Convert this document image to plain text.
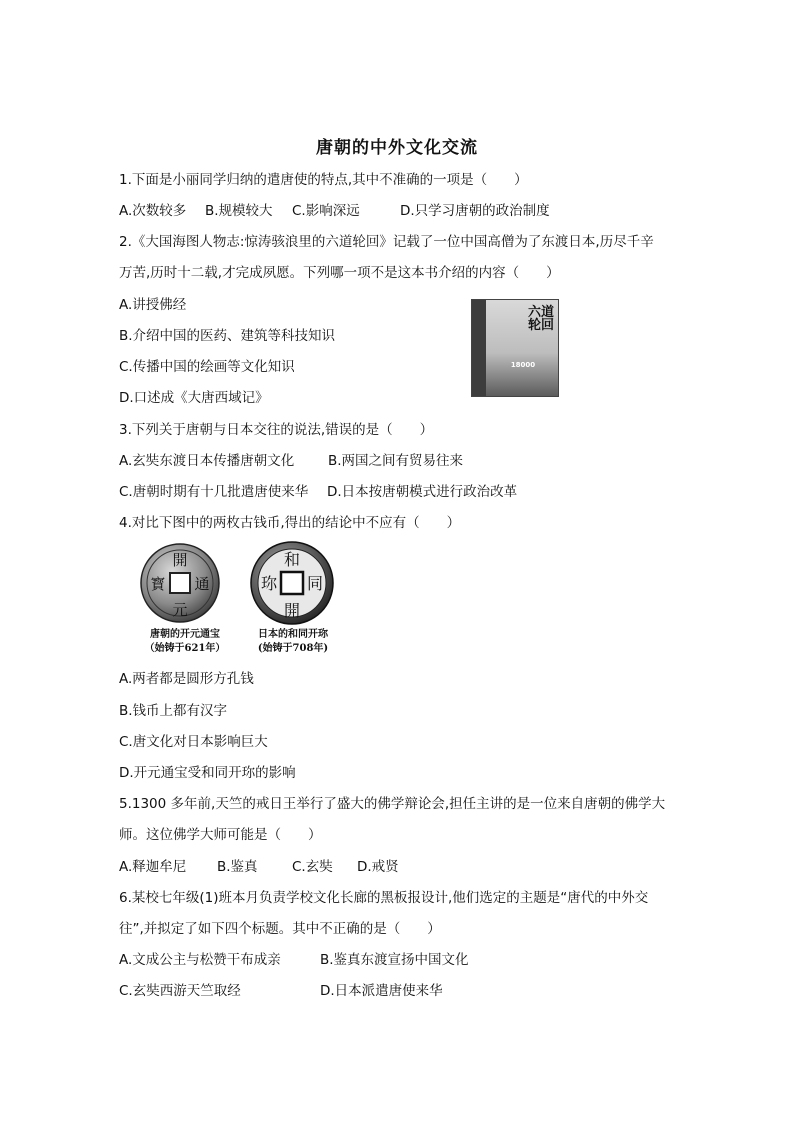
唐朝的中外文化交流
1.下面是小丽同学归纳的遣唐使的特点,其中不准确的一项是（　　）
A.次数较多 B.规模较大 C.影响深远	D.只学习唐朝的政治制度
2.《大国海图人物志:惊涛骇浪里的六道轮回》记载了一位中国高僧为了东渡日本,历尽千辛
万苦,历时十二载,才完成夙愿。下列哪一项不是这本书介绍的内容（　　）
A.讲授佛经
B.介绍中国的医药、建筑等科技知识
C.传播中国的绘画等文化知识
D.口述成《大唐西域记》
六道
轮回
18000
3.下列关于唐朝与日本交往的说法,错误的是（　　）
A.玄奘东渡日本传播唐朝文化 B.两国之间有贸易往来
C.唐朝时期有十几批遣唐使来华 D.日本按唐朝模式进行政治改革
4.对比下图中的两枚古钱币,得出的结论中不应有（　　）
開
元
通
寳
和
同
開
珎
唐朝的开元通宝
（始铸于621年）
日本的和同开珎
(始铸于708年)
A.两者都是圆形方孔钱
B.钱币上都有汉字
C.唐文化对日本影响巨大
D.开元通宝受和同开珎的影响
5.1300 多年前,天竺的戒日王举行了盛大的佛学辩论会,担任主讲的是一位来自唐朝的佛学大
师。这位佛学大师可能是（　　）
A.释迦牟尼 B.鉴真	C.玄奘 D.戒贤
6.某校七年级(1)班本月负责学校文化长廊的黑板报设计,他们选定的主题是“唐代的中外交
往”,并拟定了如下四个标题。其中不正确的是（　　）
A.文成公主与松赞干布成亲	B.鉴真东渡宣扬中国文化
C.玄奘西游天竺取经	D.日本派遣唐使来华
